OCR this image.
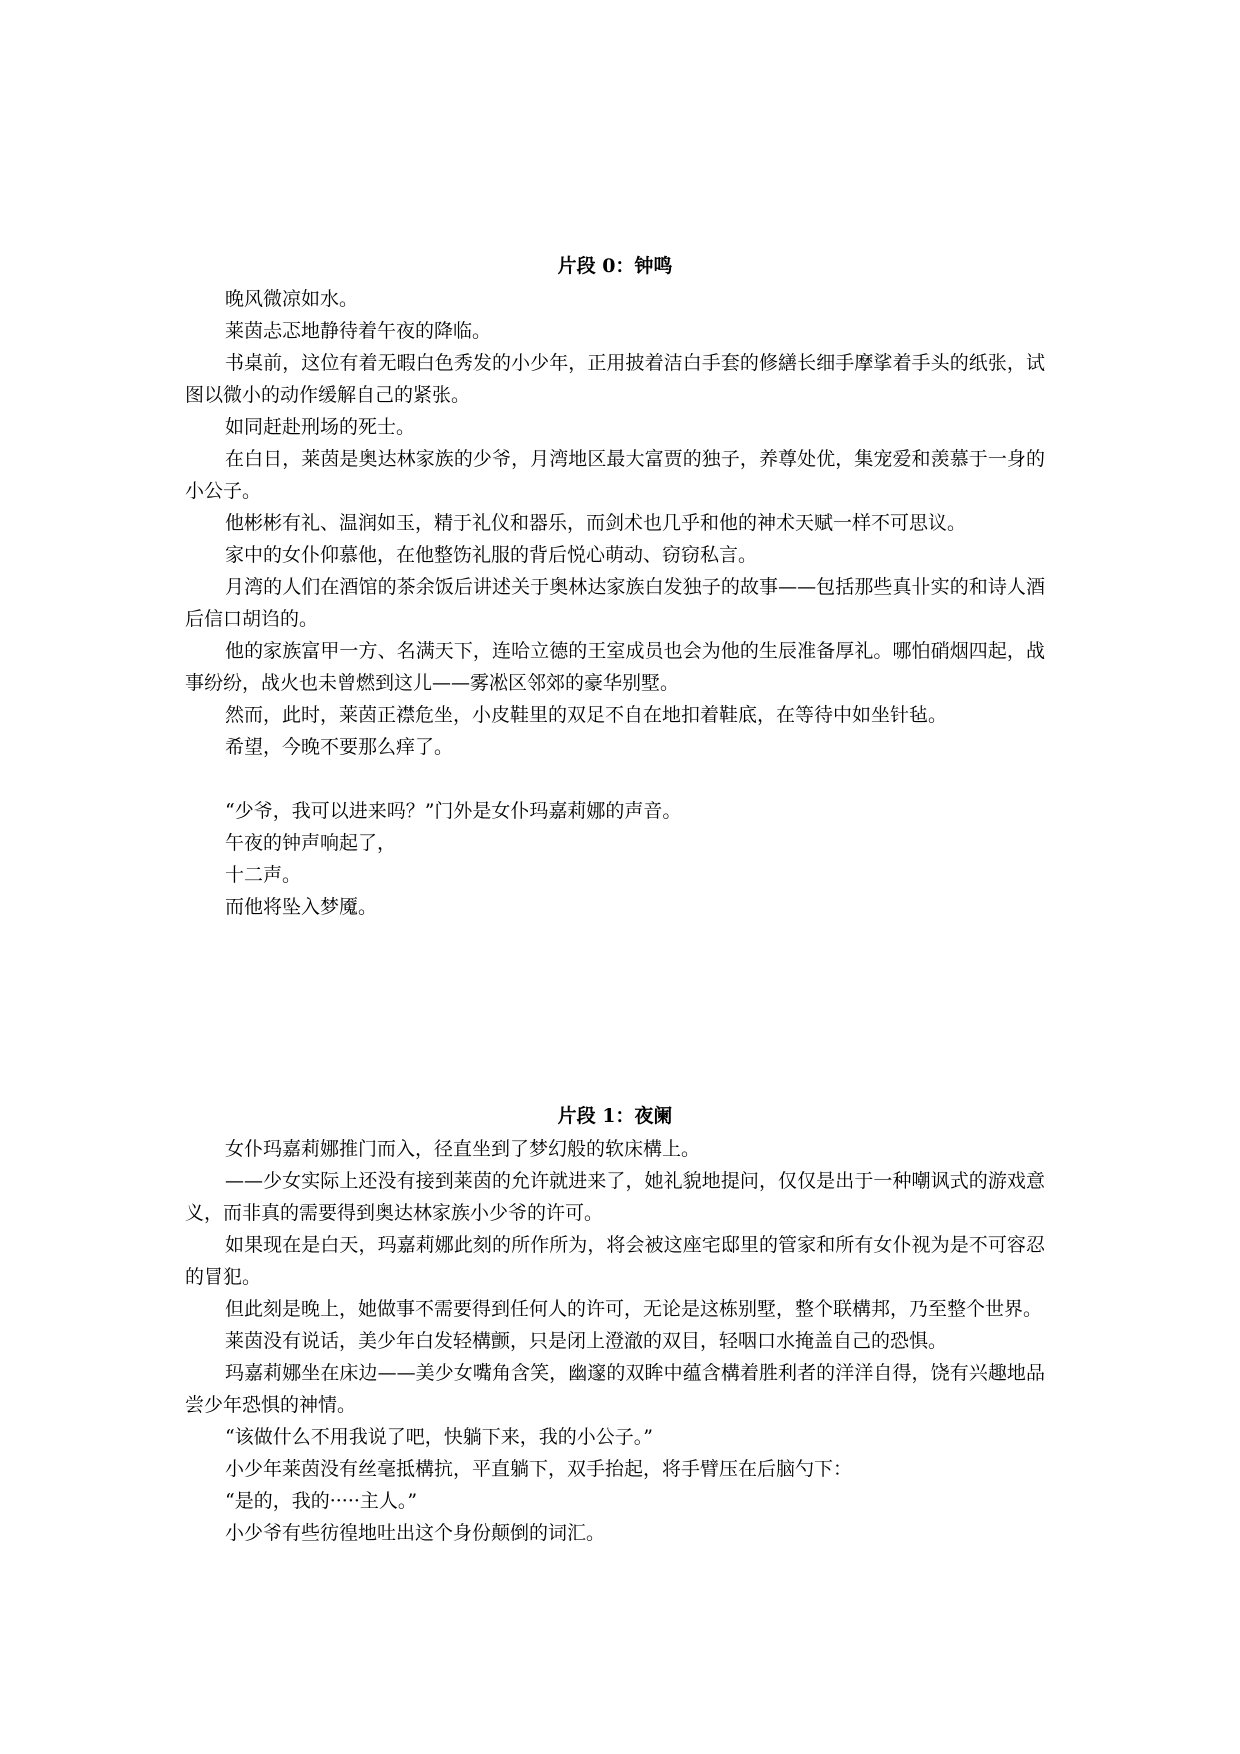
片段 0：钟鸣

晚风微凉如水。

莱茵忐忑地静待着午夜的降临。

书桌前，这位有着无暇白色秀发的小少年，正用披着洁白手套的修繕长细手摩挲着手头的纸张，试图以微小的动作缓解自己的紧张。

如同赶赴刑场的死士。

在白日，莱茵是奥达林家族的少爷，月湾地区最大富贾的独子，养尊处优，集宠爱和羡慕于一身的小公子。

他彬彬有礼、温润如玉，精于礼仪和器乐，而剑术也几乎和他的神术天赋一样不可思议。

家中的女仆仰慕他，在他整饬礼服的背后悦心萌动、窃窃私言。

月湾的人们在酒馆的茶余饭后讲述关于奥林达家族白发独子的故事——包括那些真卝实的和诗人酒后信口胡诌的。

他的家族富甲一方、名满天下，连哈立德的王室成员也会为他的生辰准备厚礼。哪怕硝烟四起，战事纷纷，战火也未曾燃到这儿——雾凇区邻郊的豪华别墅。

然而，此时，莱茵正襟危坐，小皮鞋里的双足不自在地扣着鞋底，在等待中如坐针毡。

希望，今晚不要那么痒了。

“少爷，我可以进来吗？”门外是女仆玛嘉莉娜的声音。

午夜的钟声响起了，

十二声。

而他将坠入梦魇。

片段 1：夜阑

女仆玛嘉莉娜推门而入，径直坐到了梦幻般的软床構上。

——少女实际上还没有接到莱茵的允许就进来了，她礼貌地提问，仅仅是出于一种嘲讽式的游戏意义，而非真的需要得到奥达林家族小少爷的许可。

如果现在是白天，玛嘉莉娜此刻的所作所为，将会被这座宅邸里的管家和所有女仆视为是不可容忍的冒犯。

但此刻是晚上，她做事不需要得到任何人的许可，无论是这栋别墅，整个联構邦，乃至整个世界。

莱茵没有说话，美少年白发轻構颤，只是闭上澄澈的双目，轻咽口水掩盖自己的恐惧。

玛嘉莉娜坐在床边——美少女嘴角含笑，幽邃的双眸中蕴含構着胜利者的洋洋自得，饶有兴趣地品尝少年恐惧的神情。

“该做什么不用我说了吧，快躺下来，我的小公子。”

小少年莱茵没有丝毫抵構抗，平直躺下，双手抬起，将手臂压在后脑勺下：

“是的，我的·····主人。”

小少爷有些彷徨地吐出这个身份颠倒的词汇。
